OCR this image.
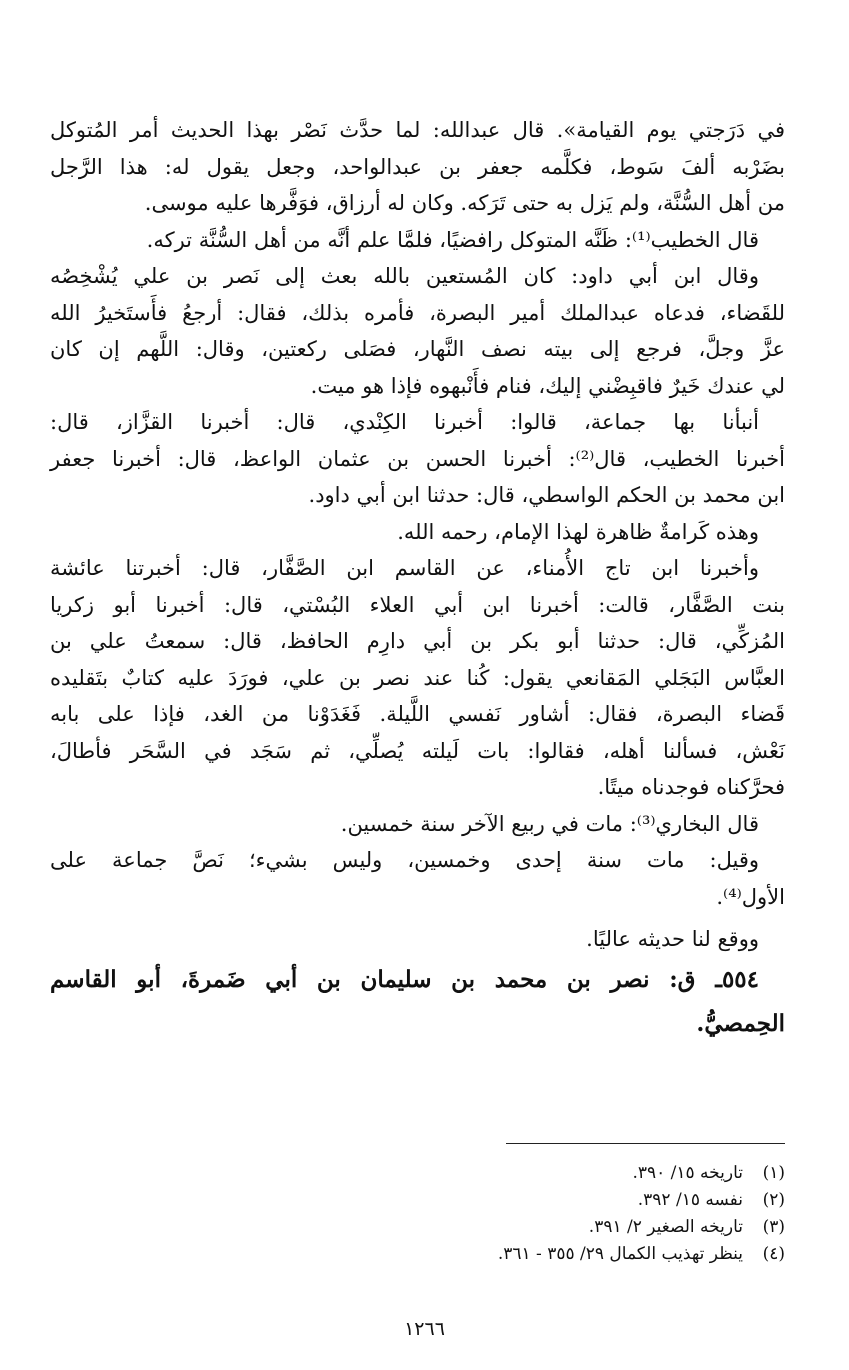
في دَرَجتي يوم القيامة». قال عبدالله: لما حدَّث نَصْر بهذا الحديث أمر المُتوكل
بضَرْبه ألفَ سَوط، فكلَّمه جعفر بن عبدالواحد، وجعل يقول له: هذا الرَّجل
من أهل السُّنَّة، ولم يَزل به حتى تَرَكه. وكان له أرزاق، فوَفَّرها عليه موسى.
قال الخطيب⁽¹⁾: ظَنَّه المتوكل رافضيًا، فلمَّا علم أنَّه من أهل السُّنَّة تركه.
وقال ابن أبي داود: كان المُستعين بالله بعث إلى نَصر بن علي يُشْخِصُه
للقَضاء، فدعاه عبدالملك أمير البصرة، فأمره بذلك، فقال: أرجعُ فأَستَخيرُ الله
عزَّ وجلَّ، فرجع إلى بيته نصف النَّهار، فصَلى ركعتين، وقال: اللَّهم إن كان
لي عندك خَيرٌ فاقبِضْني إليك، فنام فأَنْبهوه فإذا هو ميت.
أنبأنا بها جماعة، قالوا: أخبرنا الكِنْدي، قال: أخبرنا القزَّاز، قال:
أخبرنا الخطيب، قال⁽²⁾: أخبرنا الحسن بن عثمان الواعظ، قال: أخبرنا جعفر
ابن محمد بن الحكم الواسطي، قال: حدثنا ابن أبي داود.
وهذه كَرامةٌ ظاهرة لهذا الإمام، رحمه الله.
وأخبرنا ابن تاج الأُمناء، عن القاسم ابن الصَّفَّار، قال: أخبرتنا عائشة
بنت الصَّفَّار، قالت: أخبرنا ابن أبي العلاء البُسْتي، قال: أخبرنا أبو زكريا
المُزكِّي، قال: حدثنا أبو بكر بن أبي دارِم الحافظ، قال: سمعتُ علي بن
العبَّاس البَجَلي المَقانعي يقول: كُنا عند نصر بن علي، فورَدَ عليه كتابٌ بتَقليده
قَضاء البصرة، فقال: أشاور نَفسي اللَّيلة. فَغَدَوْنا من الغد، فإذا على بابه
نَعْش، فسألنا أهله، فقالوا: بات لَيلته يُصلِّي، ثم سَجَد في السَّحَر فأطالَ،
فحرَّكناه فوجدناه ميتًا.
قال البخاري⁽³⁾: مات في ربيع الآخر سنة خمسين.
وقيل: مات سنة إحدى وخمسين، وليس بشيء؛ نَصَّ جماعة على
الأول⁽⁴⁾.
ووقع لنا حديثه عاليًا.
٥٥٤ـ ق: نصر بن محمد بن سليمان بن أبي ضَمرةَ، أبو القاسم
الحِمصيُّ.
(١)تاريخه ١٥/ ٣٩٠.
(٢)نفسه ١٥/ ٣٩٢.
(٣)تاريخه الصغير ٢/ ٣٩١.
(٤)ينظر تهذيب الكمال ٢٩/ ٣٥٥ - ٣٦١.
١٢٦٦
